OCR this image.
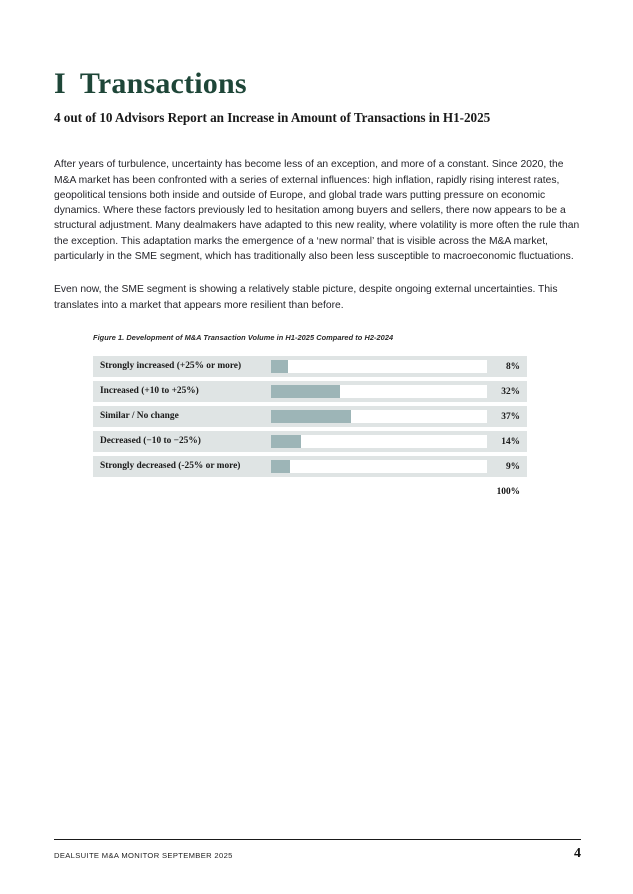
I Transactions
4 out of 10 Advisors Report an Increase in Amount of Transactions in H1-2025

After years of turbulence, uncertainty has become less of an exception, and more of a constant. Since 2020, the M&A market has been confronted with a series of external influences: high inflation, rapidly rising interest rates, geopolitical tensions both inside and outside of Europe, and global trade wars putting pressure on economic dynamics. Where these factors previously led to hesitation among buyers and sellers, there now appears to be a structural adjustment. Many dealmakers have adapted to this new reality, where volatility is more often the rule than the exception. This adaptation marks the emergence of a ‘new normal’ that is visible across the M&A market, particularly in the SME segment, which has traditionally also been less susceptible to macroeconomic fluctuations.

Even now, the SME segment is showing a relatively stable picture, despite ongoing external uncertainties. This translates into a market that appears more resilient than before.

Figure 1. Development of M&A Transaction Volume in H1-2025 Compared to H2-2024
Strongly increased (+25% or more)	8%
Increased (+10 to +25%)	32%
Similar / No change	37%
Decreased (−10 to −25%)	14%
Strongly decreased (-25% or more)	9%
100%
DEALSUITE M&A MONITOR SEPTEMBER 2025	4
